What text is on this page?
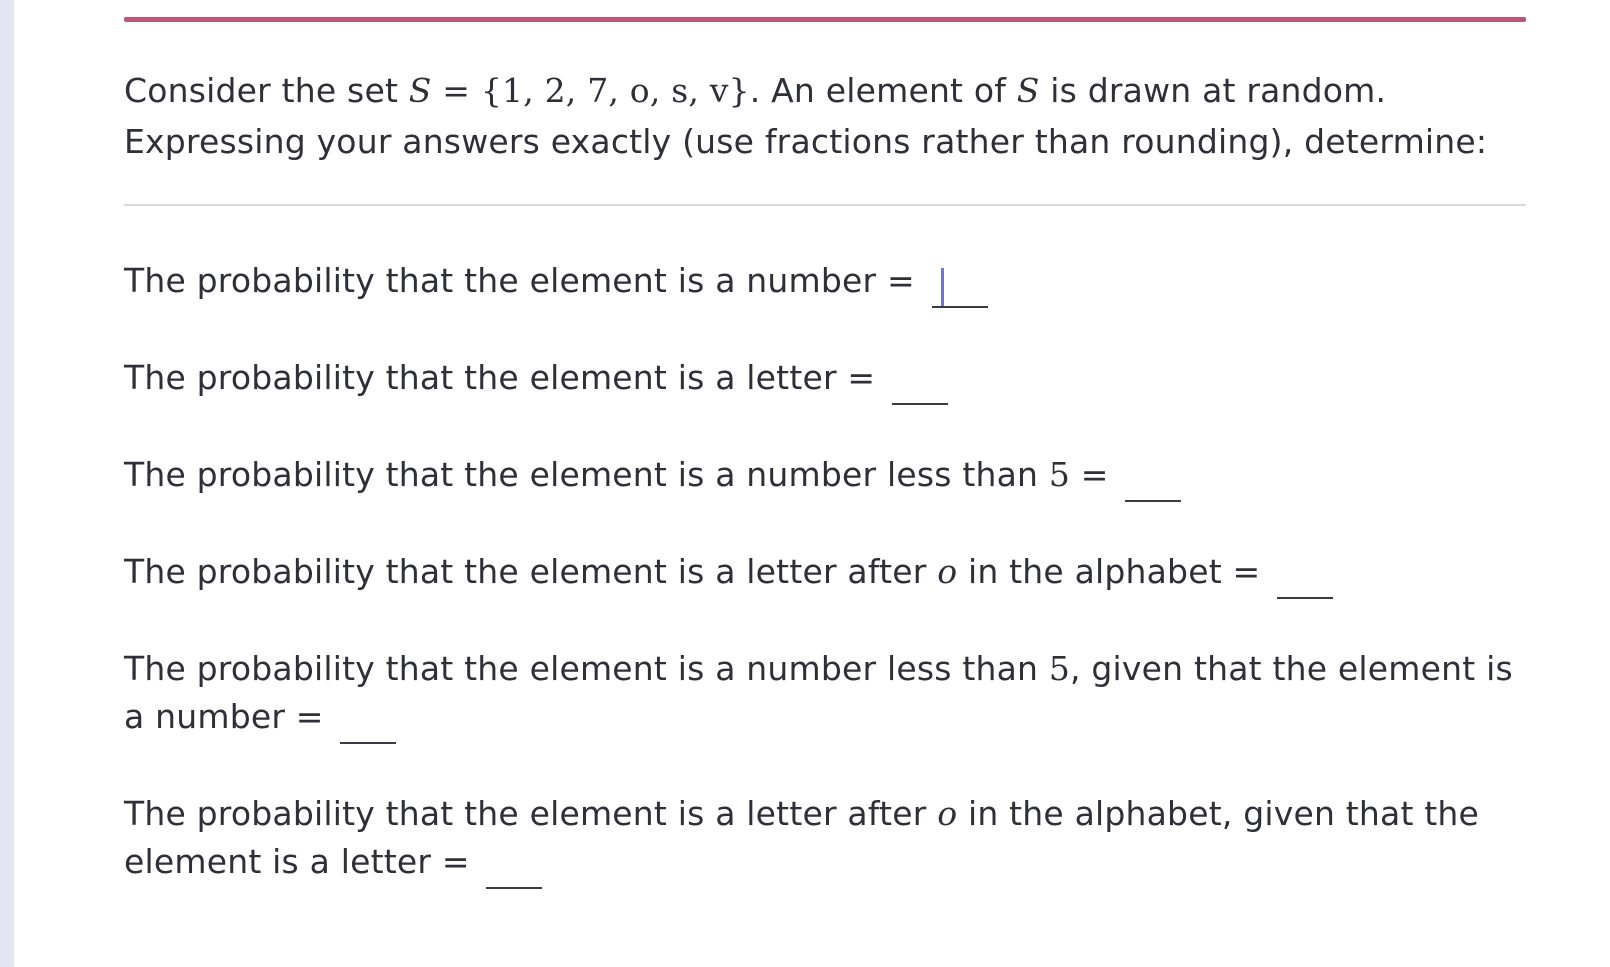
Consider the set S = {1, 2, 7, o, s, v}. An element of S is drawn at random.
Expressing your answers exactly (use fractions rather than rounding), determine:
The probability that the element is a number =
The probability that the element is a letter =
The probability that the element is a number less than 5 =
The probability that the element is a letter after o in the alphabet =
The probability that the element is a number less than 5, given that the element is a number =
The probability that the element is a letter after o in the alphabet, given that the element is a letter =
